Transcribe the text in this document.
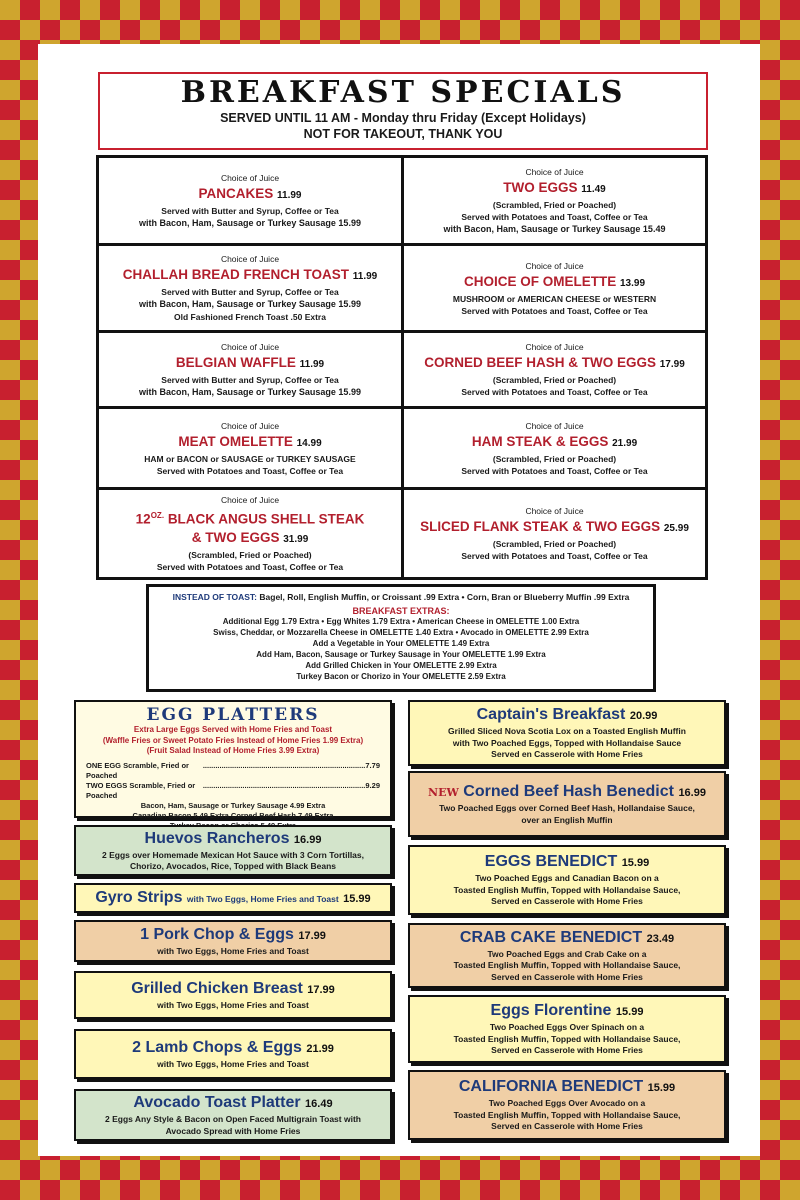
BREAKFAST SPECIALS
SERVED UNTIL 11 AM - Monday thru Friday (Except Holidays)
NOT FOR TAKEOUT, THANK YOU
Choice of Juice
PANCAKES 11.99
Served with Butter and Syrup, Coffee or Tea
with Bacon, Ham, Sausage or Turkey Sausage 15.99
Choice of Juice
TWO EGGS 11.49
(Scrambled, Fried or Poached)
Served with Potatoes and Toast, Coffee or Tea
with Bacon, Ham, Sausage or Turkey Sausage 15.49
Choice of Juice
CHALLAH BREAD FRENCH TOAST 11.99
Served with Butter and Syrup, Coffee or Tea
with Bacon, Ham, Sausage or Turkey Sausage 15.99
Old Fashioned French Toast .50 Extra
Choice of Juice
CHOICE OF OMELETTE 13.99
MUSHROOM or AMERICAN CHEESE or WESTERN
Served with Potatoes and Toast, Coffee or Tea
Choice of Juice
BELGIAN WAFFLE 11.99
Served with Butter and Syrup, Coffee or Tea
with Bacon, Ham, Sausage or Turkey Sausage 15.99
Choice of Juice
CORNED BEEF HASH & TWO EGGS 17.99
(Scrambled, Fried or Poached)
Served with Potatoes and Toast, Coffee or Tea
Choice of Juice
MEAT OMELETTE 14.99
HAM or BACON or SAUSAGE or TURKEY SAUSAGE
Served with Potatoes and Toast, Coffee or Tea
Choice of Juice
HAM STEAK & EGGS 21.99
(Scrambled, Fried or Poached)
Served with Potatoes and Toast, Coffee or Tea
Choice of Juice
$12^{OZ.}$ BLACK ANGUS SHELL STEAK
& TWO EGGS 31.99
(Scrambled, Fried or Poached)
Served with Potatoes and Toast, Coffee or Tea
Choice of Juice
SLICED FLANK STEAK & TWO EGGS 25.99
(Scrambled, Fried or Poached)
Served with Potatoes and Toast, Coffee or Tea
INSTEAD OF TOAST: Bagel, Roll, English Muffin, or Croissant .99 Extra • Corn, Bran or Blueberry Muffin .99 Extra
BREAKFAST EXTRAS:
Additional Egg 1.79 Extra • Egg Whites 1.79 Extra • American Cheese in OMELETTE 1.00 Extra
Swiss, Cheddar, or Mozzarella Cheese in OMELETTE 1.40 Extra • Avocado in OMELETTE 2.99 Extra
Add a Vegetable in Your OMELETTE 1.49 Extra
Add Ham, Bacon, Sausage or Turkey Sausage in Your OMELETTE 1.99 Extra
Add Grilled Chicken in Your OMELETTE 2.99 Extra
Turkey Bacon or Chorizo in Your OMELETTE 2.59 Extra
EGG PLATTERS
Extra Large Eggs Served with Home Fries and Toast
(Waffle Fries or Sweet Potato Fries Instead of Home Fries 1.99 Extra)
(Fruit Salad Instead of Home Fries 3.99 Extra)
ONE EGG Scramble, Fried or Poached
.............................................................................. 7.79
TWO EGGS Scramble, Fried or Poached
.............................................................................. 9.29
Bacon, Ham, Sausage or Turkey Sausage 4.99 Extra
Canadian Bacon 5.49 Extra Corned Beef Hash 7.49 Extra
Huevos Rancheros 16.99
2 Eggs over Homemade Mexican Hot Sauce with 3 Corn Tortillas, Chorizo, Avocados, Rice, Topped with Black Beans
Gyro Strips with Two Eggs, Home Fries and Toast 15.99
1 Pork Chop & Eggs 17.99
with Two Eggs, Home Fries and Toast
Grilled Chicken Breast 17.99
with Two Eggs, Home Fries and Toast
2 Lamb Chops & Eggs 21.99
with Two Eggs, Home Fries and Toast
Avocado Toast Platter 16.49
2 Eggs Any Style & Bacon on Open Faced Multigrain Toast with
Avocado Spread with Home Fries
Captain's Breakfast 20.99
Grilled Sliced Nova Scotia Lox on a Toasted English Muffin
with Two Poached Eggs, Topped with Hollandaise Sauce
Served en Casserole with Home Fries
NEW Corned Beef Hash Benedict 16.99
Two Poached Eggs over Corned Beef Hash, Hollandaise Sauce,
over an English Muffin
EGGS BENEDICT 15.99
Two Poached Eggs and Canadian Bacon on a
Toasted English Muffin, Topped with Hollandaise Sauce,
Served en Casserole with Home Fries
CRAB CAKE BENEDICT 23.49
Two Poached Eggs and Crab Cake on a
Toasted English Muffin, Topped with Hollandaise Sauce,
Served en Casserole with Home Fries
Eggs Florentine 15.99
Two Poached Eggs Over Spinach on a
Toasted English Muffin, Topped with Hollandaise Sauce,
Served en Casserole with Home Fries
CALIFORNIA BENEDICT 15.99
Two Poached Eggs Over Avocado on a
Toasted English Muffin, Topped with Hollandaise Sauce,
Served en Casserole with Home Fries
